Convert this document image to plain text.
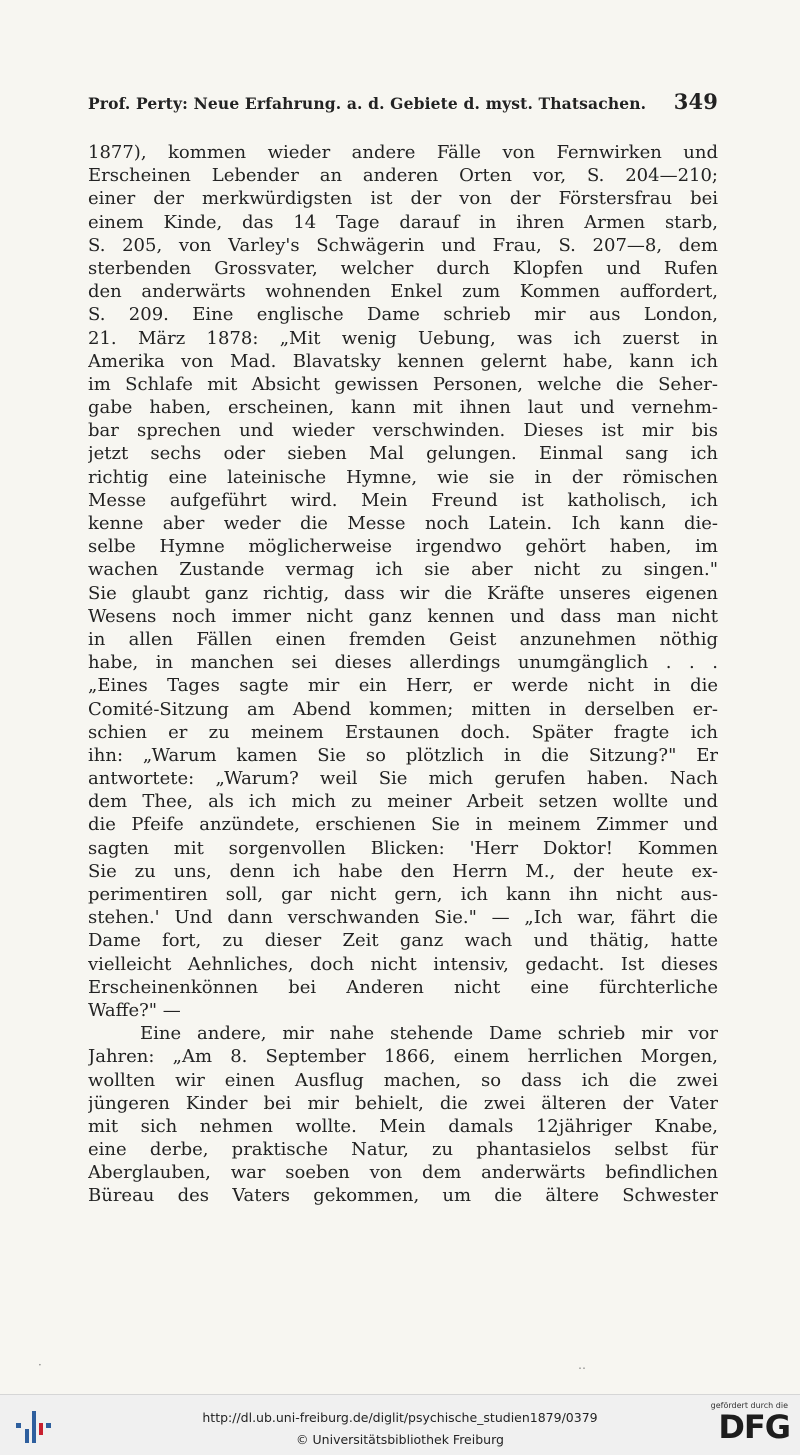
Prof. Perty: Neue Erfahrung. a. d. Gebiete d. myst. Thatsachen. 349
1877), kommen wieder andere Fälle von Fernwirken und
Erscheinen Lebender an anderen Orten vor, S. 204—210;
einer der merkwürdigsten ist der von der Förstersfrau bei
einem Kinde, das 14 Tage darauf in ihren Armen starb,
S. 205, von Varley's Schwägerin und Frau, S. 207—8, dem
sterbenden Grossvater, welcher durch Klopfen und Rufen
den anderwärts wohnenden Enkel zum Kommen auffordert,
S. 209. Eine englische Dame schrieb mir aus London,
21. März 1878: „Mit wenig Uebung, was ich zuerst in
Amerika von Mad. Blavatsky kennen gelernt habe, kann ich
im Schlafe mit Absicht gewissen Personen, welche die Seher-
gabe haben, erscheinen, kann mit ihnen laut und vernehm-
bar sprechen und wieder verschwinden. Dieses ist mir bis
jetzt sechs oder sieben Mal gelungen. Einmal sang ich
richtig eine lateinische Hymne, wie sie in der römischen
Messe aufgeführt wird. Mein Freund ist katholisch, ich
kenne aber weder die Messe noch Latein. Ich kann die-
selbe Hymne möglicherweise irgendwo gehört haben, im
wachen Zustande vermag ich sie aber nicht zu singen."
Sie glaubt ganz richtig, dass wir die Kräfte unseres eigenen
Wesens noch immer nicht ganz kennen und dass man nicht
in allen Fällen einen fremden Geist anzunehmen nöthig
habe, in manchen sei dieses allerdings unumgänglich . . .
„Eines Tages sagte mir ein Herr, er werde nicht in die
Comité-Sitzung am Abend kommen; mitten in derselben er-
schien er zu meinem Erstaunen doch. Später fragte ich
ihn: „Warum kamen Sie so plötzlich in die Sitzung?" Er
antwortete: „Warum? weil Sie mich gerufen haben. Nach
dem Thee, als ich mich zu meiner Arbeit setzen wollte und
die Pfeife anzündete, erschienen Sie in meinem Zimmer und
sagten mit sorgenvollen Blicken: 'Herr Doktor! Kommen
Sie zu uns, denn ich habe den Herrn M., der heute ex-
perimentiren soll, gar nicht gern, ich kann ihn nicht aus-
stehen.' Und dann verschwanden Sie." — „Ich war, fährt die
Dame fort, zu dieser Zeit ganz wach und thätig, hatte
vielleicht Aehnliches, doch nicht intensiv, gedacht. Ist dieses
Erscheinenkönnen bei Anderen nicht eine fürchterliche
Waffe?" —
Eine andere, mir nahe stehende Dame schrieb mir vor
Jahren: „Am 8. September 1866, einem herrlichen Morgen,
wollten wir einen Ausflug machen, so dass ich die zwei
jüngeren Kinder bei mir behielt, die zwei älteren der Vater
mit sich nehmen wollte. Mein damals 12jähriger Knabe,
eine derbe, praktische Natur, zu phantasielos selbst für
Aberglauben, war soeben von dem anderwärts befindlichen
Büreau des Vaters gekommen, um die ältere Schwester
·	‥
http://dl.ub.uni-freiburg.de/diglit/psychische_studien1879/0379
© Universitätsbibliothek Freiburg
gefördert durch die
DFG
